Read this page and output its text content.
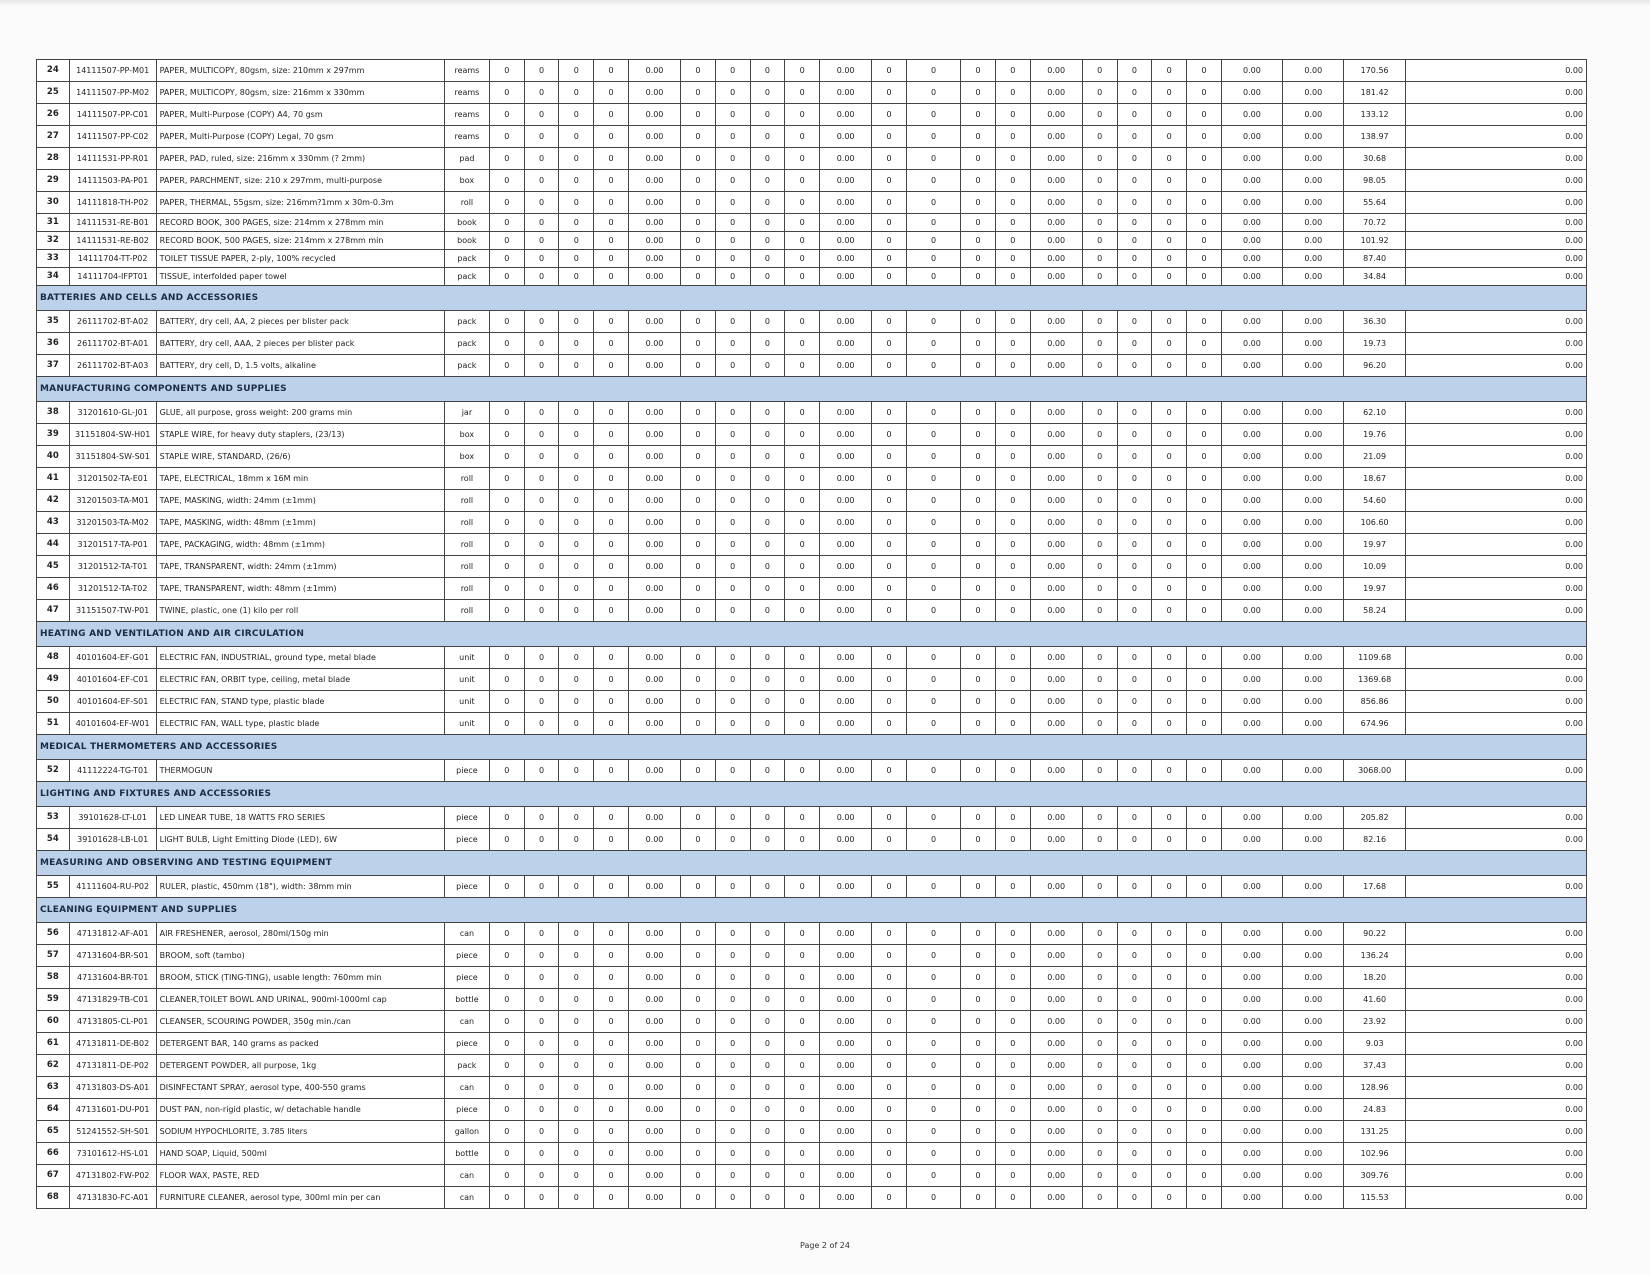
24	14111507-PP-M01	PAPER, MULTICOPY, 80gsm, size: 210mm x 297mm	reams	0	0	0	0	0.00	0	0	0	0	0.00	0	0	0	0	0.00	0	0	0	0	0.00	0.00	170.56	0.00
25	14111507-PP-M02	PAPER, MULTICOPY, 80gsm, size: 216mm x 330mm	reams	0	0	0	0	0.00	0	0	0	0	0.00	0	0	0	0	0.00	0	0	0	0	0.00	0.00	181.42	0.00
26	14111507-PP-C01	PAPER, Multi-Purpose (COPY) A4, 70 gsm	reams	0	0	0	0	0.00	0	0	0	0	0.00	0	0	0	0	0.00	0	0	0	0	0.00	0.00	133.12	0.00
27	14111507-PP-C02	PAPER, Multi-Purpose (COPY) Legal, 70 gsm	reams	0	0	0	0	0.00	0	0	0	0	0.00	0	0	0	0	0.00	0	0	0	0	0.00	0.00	138.97	0.00
28	14111531-PP-R01	PAPER, PAD, ruled, size: 216mm x 330mm (? 2mm)	pad	0	0	0	0	0.00	0	0	0	0	0.00	0	0	0	0	0.00	0	0	0	0	0.00	0.00	30.68	0.00
29	14111503-PA-P01	PAPER, PARCHMENT, size: 210 x 297mm, multi-purpose	box	0	0	0	0	0.00	0	0	0	0	0.00	0	0	0	0	0.00	0	0	0	0	0.00	0.00	98.05	0.00
30	14111818-TH-P02	PAPER, THERMAL, 55gsm, size: 216mm?1mm x 30m-0.3m	roll	0	0	0	0	0.00	0	0	0	0	0.00	0	0	0	0	0.00	0	0	0	0	0.00	0.00	55.64	0.00
31	14111531-RE-B01	RECORD BOOK, 300 PAGES, size: 214mm x 278mm min	book	0	0	0	0	0.00	0	0	0	0	0.00	0	0	0	0	0.00	0	0	0	0	0.00	0.00	70.72	0.00
32	14111531-RE-B02	RECORD BOOK, 500 PAGES, size: 214mm x 278mm min	book	0	0	0	0	0.00	0	0	0	0	0.00	0	0	0	0	0.00	0	0	0	0	0.00	0.00	101.92	0.00
33	14111704-TT-P02	TOILET TISSUE PAPER, 2-ply, 100% recycled	pack	0	0	0	0	0.00	0	0	0	0	0.00	0	0	0	0	0.00	0	0	0	0	0.00	0.00	87.40	0.00
34	14111704-IFPT01	TISSUE, interfolded paper towel	pack	0	0	0	0	0.00	0	0	0	0	0.00	0	0	0	0	0.00	0	0	0	0	0.00	0.00	34.84	0.00
BATTERIES AND CELLS AND ACCESSORIES																										
35	26111702-BT-A02	BATTERY, dry cell, AA, 2 pieces per blister pack	pack	0	0	0	0	0.00	0	0	0	0	0.00	0	0	0	0	0.00	0	0	0	0	0.00	0.00	36.30	0.00
36	26111702-BT-A01	BATTERY, dry cell, AAA, 2 pieces per blister pack	pack	0	0	0	0	0.00	0	0	0	0	0.00	0	0	0	0	0.00	0	0	0	0	0.00	0.00	19.73	0.00
37	26111702-BT-A03	BATTERY, dry cell, D, 1.5 volts, alkaline	pack	0	0	0	0	0.00	0	0	0	0	0.00	0	0	0	0	0.00	0	0	0	0	0.00	0.00	96.20	0.00
MANUFACTURING COMPONENTS AND SUPPLIES																										
38	31201610-GL-J01	GLUE, all purpose, gross weight: 200 grams min	jar	0	0	0	0	0.00	0	0	0	0	0.00	0	0	0	0	0.00	0	0	0	0	0.00	0.00	62.10	0.00
39	31151804-SW-H01	STAPLE WIRE, for heavy duty staplers, (23/13)	box	0	0	0	0	0.00	0	0	0	0	0.00	0	0	0	0	0.00	0	0	0	0	0.00	0.00	19.76	0.00
40	31151804-SW-S01	STAPLE WIRE, STANDARD, (26/6)	box	0	0	0	0	0.00	0	0	0	0	0.00	0	0	0	0	0.00	0	0	0	0	0.00	0.00	21.09	0.00
41	31201502-TA-E01	TAPE, ELECTRICAL, 18mm x 16M min	roll	0	0	0	0	0.00	0	0	0	0	0.00	0	0	0	0	0.00	0	0	0	0	0.00	0.00	18.67	0.00
42	31201503-TA-M01	TAPE, MASKING, width: 24mm (±1mm)	roll	0	0	0	0	0.00	0	0	0	0	0.00	0	0	0	0	0.00	0	0	0	0	0.00	0.00	54.60	0.00
43	31201503-TA-M02	TAPE, MASKING, width: 48mm (±1mm)	roll	0	0	0	0	0.00	0	0	0	0	0.00	0	0	0	0	0.00	0	0	0	0	0.00	0.00	106.60	0.00
44	31201517-TA-P01	TAPE, PACKAGING, width: 48mm (±1mm)	roll	0	0	0	0	0.00	0	0	0	0	0.00	0	0	0	0	0.00	0	0	0	0	0.00	0.00	19.97	0.00
45	31201512-TA-T01	TAPE, TRANSPARENT, width: 24mm (±1mm)	roll	0	0	0	0	0.00	0	0	0	0	0.00	0	0	0	0	0.00	0	0	0	0	0.00	0.00	10.09	0.00
46	31201512-TA-T02	TAPE, TRANSPARENT, width: 48mm (±1mm)	roll	0	0	0	0	0.00	0	0	0	0	0.00	0	0	0	0	0.00	0	0	0	0	0.00	0.00	19.97	0.00
47	31151507-TW-P01	TWINE, plastic, one (1) kilo per roll	roll	0	0	0	0	0.00	0	0	0	0	0.00	0	0	0	0	0.00	0	0	0	0	0.00	0.00	58.24	0.00
HEATING AND VENTILATION AND AIR CIRCULATION																										
48	40101604-EF-G01	ELECTRIC FAN, INDUSTRIAL, ground type, metal blade	unit	0	0	0	0	0.00	0	0	0	0	0.00	0	0	0	0	0.00	0	0	0	0	0.00	0.00	1109.68	0.00
49	40101604-EF-C01	ELECTRIC FAN, ORBIT type, ceiling, metal blade	unit	0	0	0	0	0.00	0	0	0	0	0.00	0	0	0	0	0.00	0	0	0	0	0.00	0.00	1369.68	0.00
50	40101604-EF-S01	ELECTRIC FAN, STAND type, plastic blade	unit	0	0	0	0	0.00	0	0	0	0	0.00	0	0	0	0	0.00	0	0	0	0	0.00	0.00	856.86	0.00
51	40101604-EF-W01	ELECTRIC FAN, WALL type, plastic blade	unit	0	0	0	0	0.00	0	0	0	0	0.00	0	0	0	0	0.00	0	0	0	0	0.00	0.00	674.96	0.00
MEDICAL THERMOMETERS AND ACCESSORIES																										
52	41112224-TG-T01	THERMOGUN	piece	0	0	0	0	0.00	0	0	0	0	0.00	0	0	0	0	0.00	0	0	0	0	0.00	0.00	3068.00	0.00
LIGHTING AND FIXTURES AND ACCESSORIES																										
53	39101628-LT-L01	LED LINEAR TUBE, 18 WATTS FRO SERIES	piece	0	0	0	0	0.00	0	0	0	0	0.00	0	0	0	0	0.00	0	0	0	0	0.00	0.00	205.82	0.00
54	39101628-LB-L01	LIGHT BULB, Light Emitting Diode (LED), 6W	piece	0	0	0	0	0.00	0	0	0	0	0.00	0	0	0	0	0.00	0	0	0	0	0.00	0.00	82.16	0.00
MEASURING AND OBSERVING AND TESTING EQUIPMENT																										
55	41111604-RU-P02	RULER, plastic, 450mm (18"), width: 38mm min	piece	0	0	0	0	0.00	0	0	0	0	0.00	0	0	0	0	0.00	0	0	0	0	0.00	0.00	17.68	0.00
CLEANING EQUIPMENT AND SUPPLIES																										
56	47131812-AF-A01	AIR FRESHENER, aerosol, 280ml/150g min	can	0	0	0	0	0.00	0	0	0	0	0.00	0	0	0	0	0.00	0	0	0	0	0.00	0.00	90.22	0.00
57	47131604-BR-S01	BROOM, soft (tambo)	piece	0	0	0	0	0.00	0	0	0	0	0.00	0	0	0	0	0.00	0	0	0	0	0.00	0.00	136.24	0.00
58	47131604-BR-T01	BROOM, STICK (TING-TING), usable length: 760mm min	piece	0	0	0	0	0.00	0	0	0	0	0.00	0	0	0	0	0.00	0	0	0	0	0.00	0.00	18.20	0.00
59	47131829-TB-C01	CLEANER,TOILET BOWL AND URINAL, 900ml-1000ml cap	bottle	0	0	0	0	0.00	0	0	0	0	0.00	0	0	0	0	0.00	0	0	0	0	0.00	0.00	41.60	0.00
60	47131805-CL-P01	CLEANSER, SCOURING POWDER, 350g min./can	can	0	0	0	0	0.00	0	0	0	0	0.00	0	0	0	0	0.00	0	0	0	0	0.00	0.00	23.92	0.00
61	47131811-DE-B02	DETERGENT BAR, 140 grams as packed	piece	0	0	0	0	0.00	0	0	0	0	0.00	0	0	0	0	0.00	0	0	0	0	0.00	0.00	9.03	0.00
62	47131811-DE-P02	DETERGENT POWDER, all purpose, 1kg	pack	0	0	0	0	0.00	0	0	0	0	0.00	0	0	0	0	0.00	0	0	0	0	0.00	0.00	37.43	0.00
63	47131803-DS-A01	DISINFECTANT SPRAY, aerosol type, 400-550 grams	can	0	0	0	0	0.00	0	0	0	0	0.00	0	0	0	0	0.00	0	0	0	0	0.00	0.00	128.96	0.00
64	47131601-DU-P01	DUST PAN, non-rigid plastic, w/ detachable handle	piece	0	0	0	0	0.00	0	0	0	0	0.00	0	0	0	0	0.00	0	0	0	0	0.00	0.00	24.83	0.00
65	51241552-SH-S01	SODIUM HYPOCHLORITE, 3.785 liters	gallon	0	0	0	0	0.00	0	0	0	0	0.00	0	0	0	0	0.00	0	0	0	0	0.00	0.00	131.25	0.00
66	73101612-HS-L01	HAND SOAP, Liquid, 500ml	bottle	0	0	0	0	0.00	0	0	0	0	0.00	0	0	0	0	0.00	0	0	0	0	0.00	0.00	102.96	0.00
67	47131802-FW-P02	FLOOR WAX, PASTE, RED	can	0	0	0	0	0.00	0	0	0	0	0.00	0	0	0	0	0.00	0	0	0	0	0.00	0.00	309.76	0.00
68	47131830-FC-A01	FURNITURE CLEANER, aerosol type, 300ml min per can	can	0	0	0	0	0.00	0	0	0	0	0.00	0	0	0	0	0.00	0	0	0	0	0.00	0.00	115.53	0.00
Page 2 of 24
